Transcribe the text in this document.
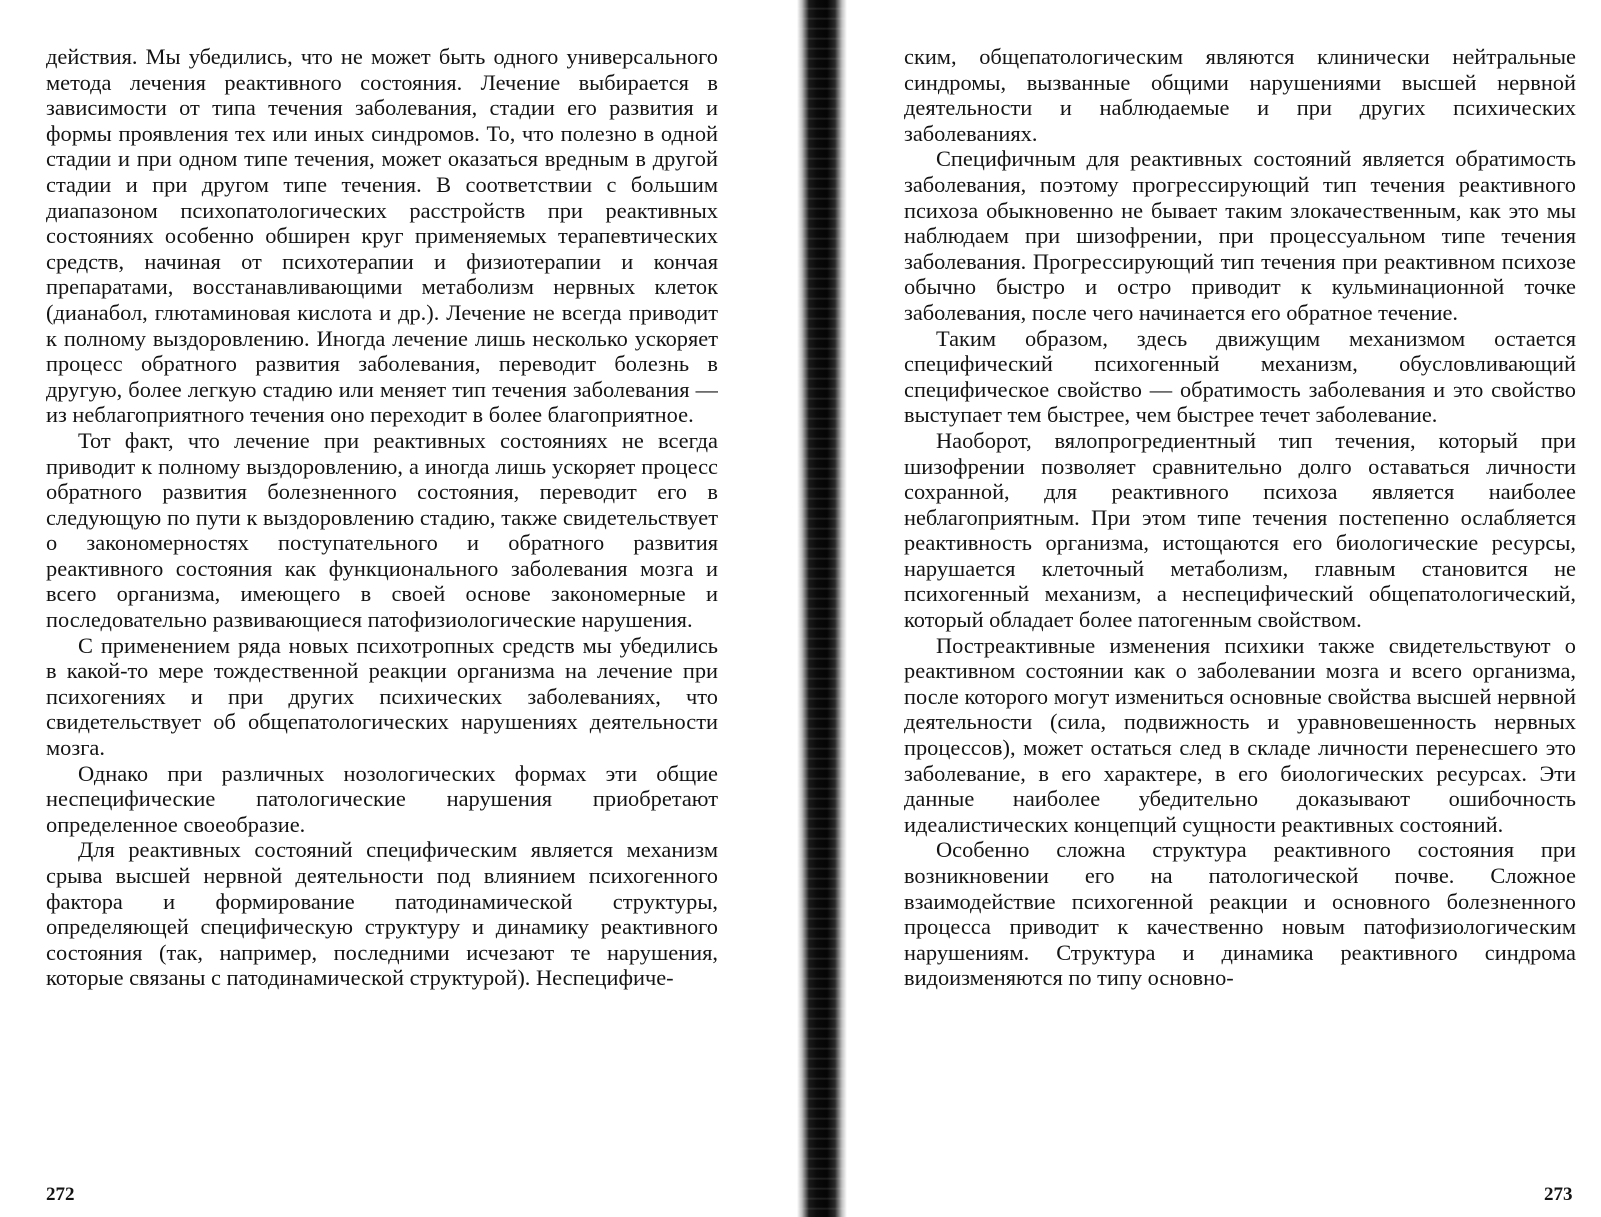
действия. Мы убедились, что не может быть одного универсального метода лечения реактивного состояния. Лечение выбирается в зависимости от типа течения заболевания, стадии его развития и формы проявления тех или иных синдромов. То, что полезно в одной стадии и при одном типе течения, может оказаться вредным в другой стадии и при другом типе течения. В соответствии с большим диапазоном психопатологических расстройств при реактивных состояниях особенно обширен круг применяемых терапевтических средств, начиная от психотерапии и физиотерапии и кончая препаратами, восстанавливающими метаболизм нервных клеток (дианабол, глютаминовая кислота и др.). Лечение не всегда приводит к полному выздоровлению. Иногда лечение лишь несколько ускоряет процесс обратного развития заболевания, переводит болезнь в другую, более легкую стадию или меняет тип течения заболевания — из неблагоприятного течения оно переходит в более благоприятное.

Тот факт, что лечение при реактивных состояниях не всегда приводит к полному выздоровлению, а иногда лишь ускоряет процесс обратного развития болезненного состояния, переводит его в следующую по пути к выздоровлению стадию, также свидетельствует о закономерностях поступательного и обратного развития реактивного состояния как функционального заболевания мозга и всего организма, имеющего в своей основе закономерные и последовательно развивающиеся патофизиологические нарушения.

С применением ряда новых психотропных средств мы убедились в какой-то мере тождественной реакции организма на лечение при психогениях и при других психических заболеваниях, что свидетельствует об общепатологических нарушениях деятельности мозга.

Однако при различных нозологических формах эти общие неспецифические патологические нарушения приобретают определенное своеобразие.

Для реактивных состояний специфическим является механизм срыва высшей нервной деятельности под влиянием психогенного фактора и формирование патодинамической структуры, определяющей специфическую структуру и динамику реактивного состояния (так, например, последними исчезают те нарушения, которые связаны с патодинамической структурой). Неспецифиче-

ским, общепатологическим являются клинически нейтральные синдромы, вызванные общими нарушениями высшей нервной деятельности и наблюдаемые и при других психических заболеваниях.

Специфичным для реактивных состояний является обратимость заболевания, поэтому прогрессирующий тип течения реактивного психоза обыкновенно не бывает таким злокачественным, как это мы наблюдаем при шизофрении, при процессуальном типе течения заболевания. Прогрессирующий тип течения при реактивном психозе обычно быстро и остро приводит к кульминационной точке заболевания, после чего начинается его обратное течение.

Таким образом, здесь движущим механизмом остается специфический психогенный механизм, обусловливающий специфическое свойство — обратимость заболевания и это свойство выступает тем быстрее, чем быстрее течет заболевание.

Наоборот, вялопрогредиентный тип течения, который при шизофрении позволяет сравнительно долго оставаться личности сохранной, для реактивного психоза является наиболее неблагоприятным. При этом типе течения постепенно ослабляется реактивность организма, истощаются его биологические ресурсы, нарушается клеточный метаболизм, главным становится не психогенный механизм, а неспецифический общепатологический, который обладает более патогенным свойством.

Постреактивные изменения психики также свидетельствуют о реактивном состоянии как о заболевании мозга и всего организма, после которого могут измениться основные свойства высшей нервной деятельности (сила, подвижность и уравновешенность нервных процессов), может остаться след в складе личности перенесшего это заболевание, в его характере, в его биологических ресурсах. Эти данные наиболее убедительно доказывают ошибочность идеалистических концепций сущности реактивных состояний.

Особенно сложна структура реактивного состояния при возникновении его на патологической почве. Сложное взаимодействие психогенной реакции и основного болезненного процесса приводит к качественно новым патофизиологическим нарушениям. Структура и динамика реактивного синдрома видоизменяются по типу основно-

272	273
